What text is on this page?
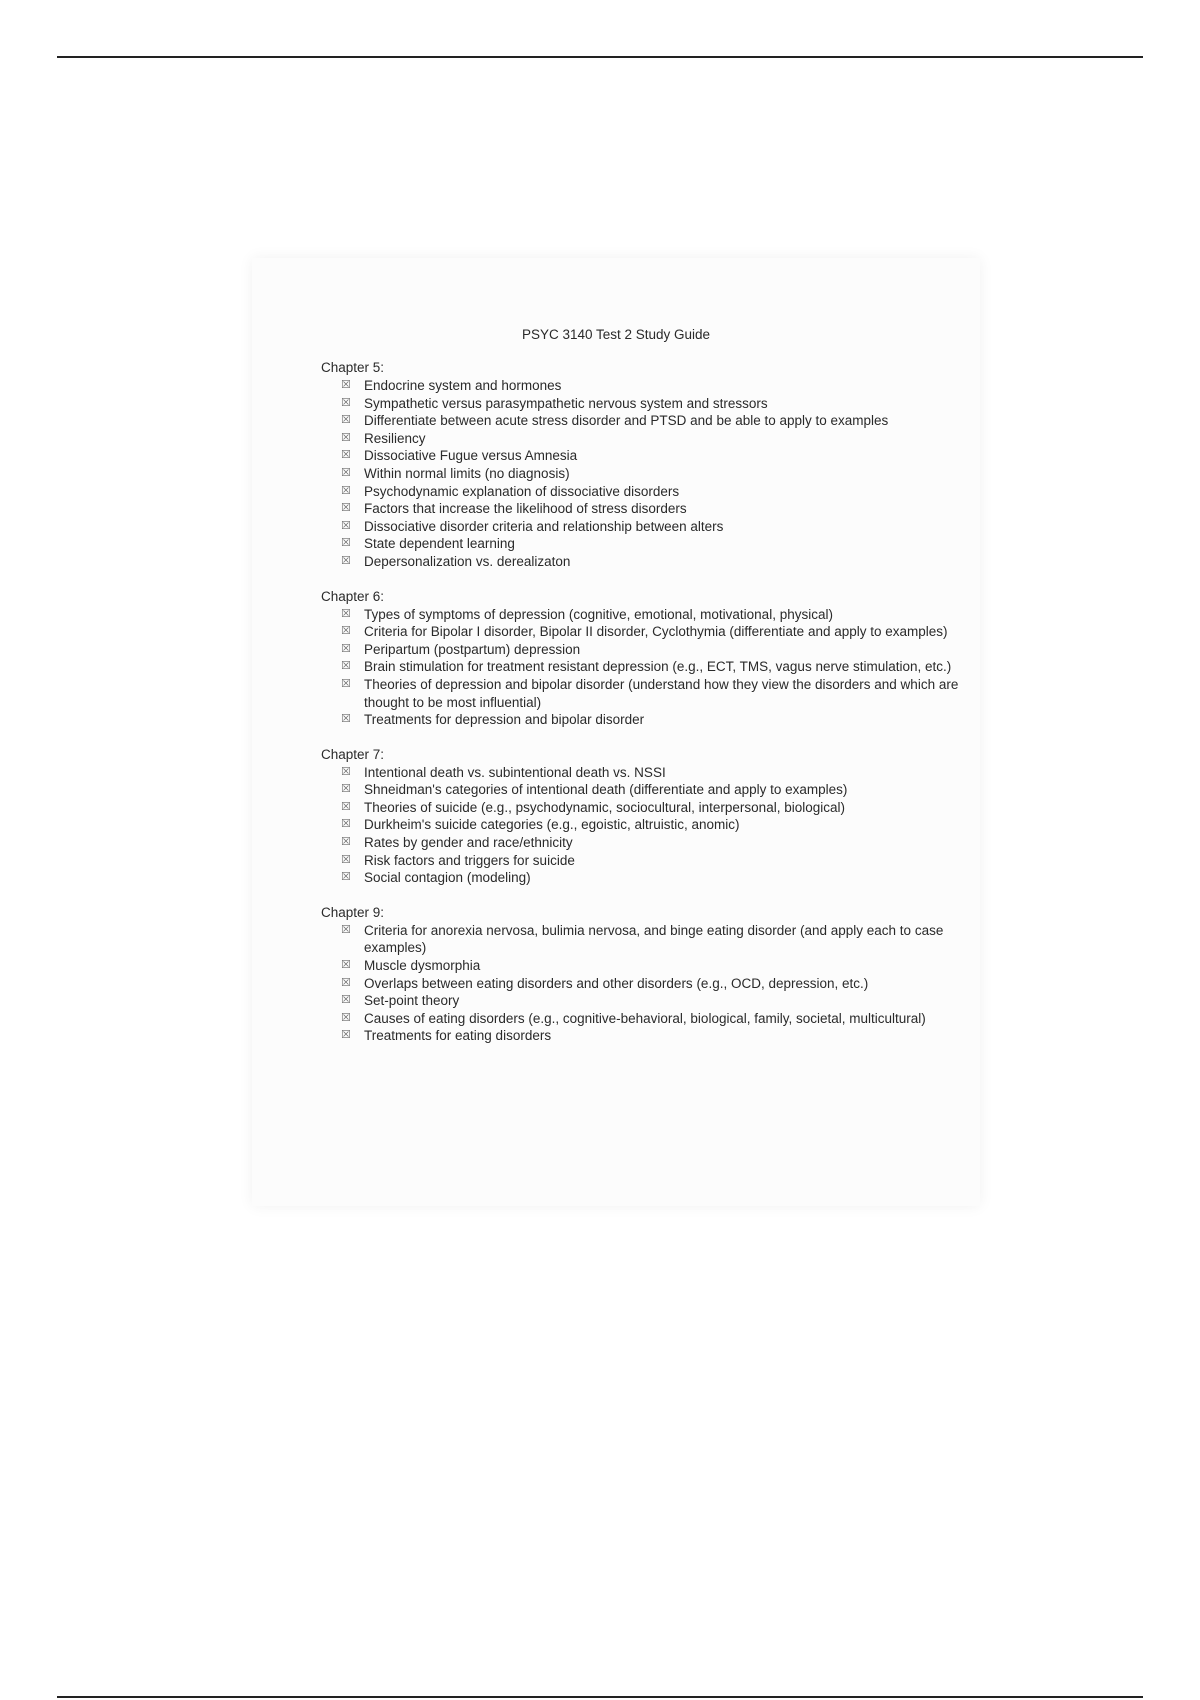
PSYC 3140 Test 2 Study Guide
Chapter 5:
☒ Endocrine system and hormones
☒ Sympathetic versus parasympathetic nervous system and stressors
☒ Differentiate between acute stress disorder and PTSD and be able to apply to examples
☒ Resiliency
☒ Dissociative Fugue versus Amnesia
☒ Within normal limits (no diagnosis)
☒ Psychodynamic explanation of dissociative disorders
☒ Factors that increase the likelihood of stress disorders
☒ Dissociative disorder criteria and relationship between alters
☒ State dependent learning
☒ Depersonalization vs. derealizaton
Chapter 6:
☒ Types of symptoms of depression (cognitive, emotional, motivational, physical)
☒ Criteria for Bipolar I disorder, Bipolar II disorder, Cyclothymia (differentiate and apply to examples)
☒ Peripartum (postpartum) depression
☒ Brain stimulation for treatment resistant depression (e.g., ECT, TMS, vagus nerve stimulation, etc.)
☒ Theories of depression and bipolar disorder (understand how they view the disorders and which are thought to be most influential)
☒ Treatments for depression and bipolar disorder
Chapter 7:
☒ Intentional death vs. subintentional death vs. NSSI
☒ Shneidman's categories of intentional death (differentiate and apply to examples)
☒ Theories of suicide (e.g., psychodynamic, sociocultural, interpersonal, biological)
☒ Durkheim's suicide categories (e.g., egoistic, altruistic, anomic)
☒ Rates by gender and race/ethnicity
☒ Risk factors and triggers for suicide
☒ Social contagion (modeling)
Chapter 9:
☒ Criteria for anorexia nervosa, bulimia nervosa, and binge eating disorder (and apply each to case examples)
☒ Muscle dysmorphia
☒ Overlaps between eating disorders and other disorders (e.g., OCD, depression, etc.)
☒ Set-point theory
☒ Causes of eating disorders (e.g., cognitive-behavioral, biological, family, societal, multicultural)
☒ Treatments for eating disorders
